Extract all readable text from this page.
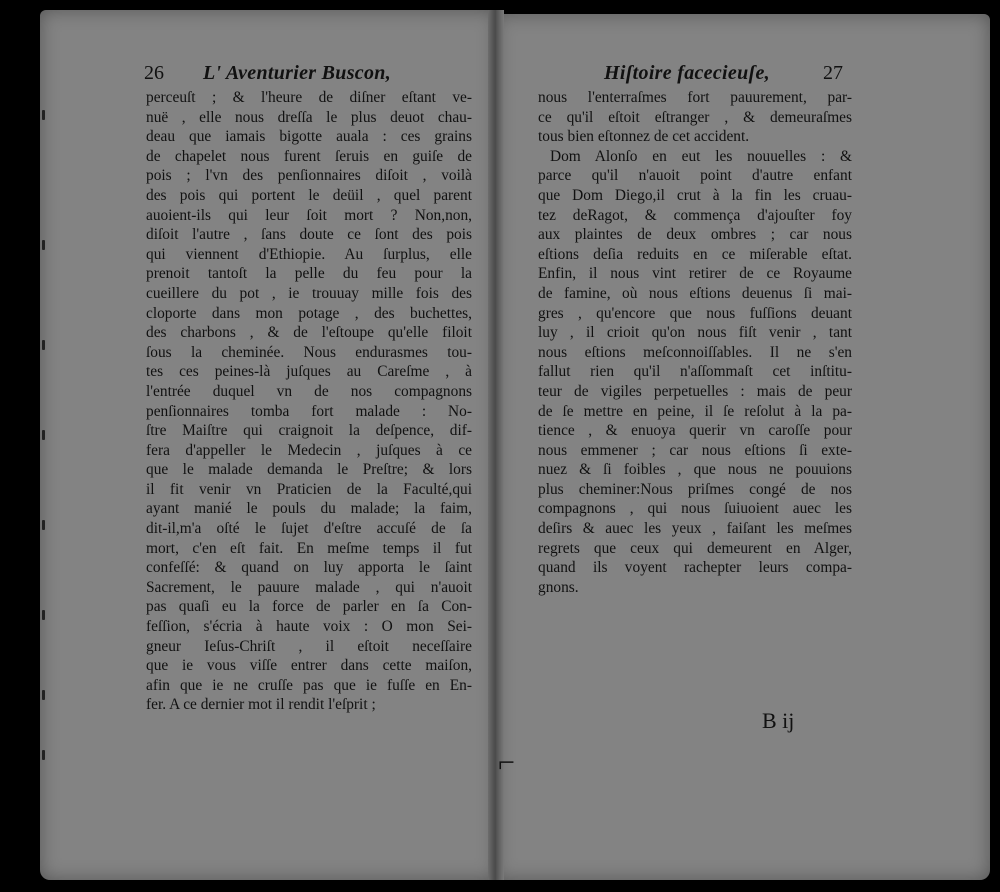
⌐
26 L' Aventurier Buscon,	Hiſtoire facecieuſe,	27
perceuſt ; & l'heure de diſner eſtant ve-
nuë , elle nous dreſſa le plus deuot chau-
deau que iamais bigotte auala : ces grains
de chapelet nous furent ſeruis en guiſe de
pois ; l'vn des penſionnaires diſoit , voilà
des pois qui portent le deüil , quel parent
auoient-ils qui leur ſoit mort ? Non,non,
diſoit l'autre , ſans doute ce ſont des pois
qui viennent d'Ethiopie. Au ſurplus, elle
prenoit tantoſt la pelle du feu pour la
cueillere du pot , ie trouuay mille fois des
cloporte dans mon potage , des buchettes,
des charbons , & de l'eſtoupe qu'elle filoit
ſous la cheminée. Nous endurasmes tou-
tes ces peines-là juſques au Careſme , à
l'entrée duquel vn de nos compagnons
penſionnaires tomba fort malade : No-
ſtre Maiſtre qui craignoit la deſpence, dif-
fera d'appeller le Medecin , juſques à ce
que le malade demanda le Preſtre; & lors
il fit venir vn Praticien de la Faculté,qui
ayant manié le pouls du malade; la faim,
dit-il,m'a oſté le ſujet d'eſtre accuſé de ſa
mort, c'en eſt fait. En meſme temps il fut
confeſſé: & quand on luy apporta le ſaint
Sacrement, le pauure malade , qui n'auoit
pas quaſi eu la force de parler en ſa Con-
feſſion, s'écria à haute voix : O mon Sei-
gneur Ieſus-Chriſt , il eſtoit neceſſaire
que ie vous viſſe entrer dans cette maiſon,
afin que ie ne cruſſe pas que ie fuſſe en En-
fer. A ce dernier mot il rendit l'eſprit ;
nous l'enterraſmes fort pauurement, par-
ce qu'il eſtoit eſtranger , & demeuraſmes
tous bien eſtonnez de cet accident.
Dom Alonſo en eut les nouuelles : &
parce qu'il n'auoit point d'autre enfant
que Dom Diego,il crut à la fin les cruau-
tez deRagot, & commença d'ajouſter foy
aux plaintes de deux ombres ; car nous
eſtions deſia reduits en ce miſerable eſtat.
Enfin, il nous vint retirer de ce Royaume
de famine, où nous eſtions deuenus ſi mai-
gres , qu'encore que nous fuſſions deuant
luy , il crioit qu'on nous fiſt venir , tant
nous eſtions meſconnoiſſables. Il ne s'en
fallut rien qu'il n'aſſommaſt cet inſtitu-
teur de vigiles perpetuelles : mais de peur
de ſe mettre en peine, il ſe reſolut à la pa-
tience , & enuoya querir vn caroſſe pour
nous emmener ; car nous eſtions ſi exte-
nuez & ſi foibles , que nous ne pouuions
plus cheminer:Nous priſmes congé de nos
compagnons , qui nous ſuiuoient auec les
deſirs & auec les yeux , faiſant les meſmes
regrets que ceux qui demeurent en Alger,
quand ils voyent rachepter leurs compa-
gnons.
B ij
